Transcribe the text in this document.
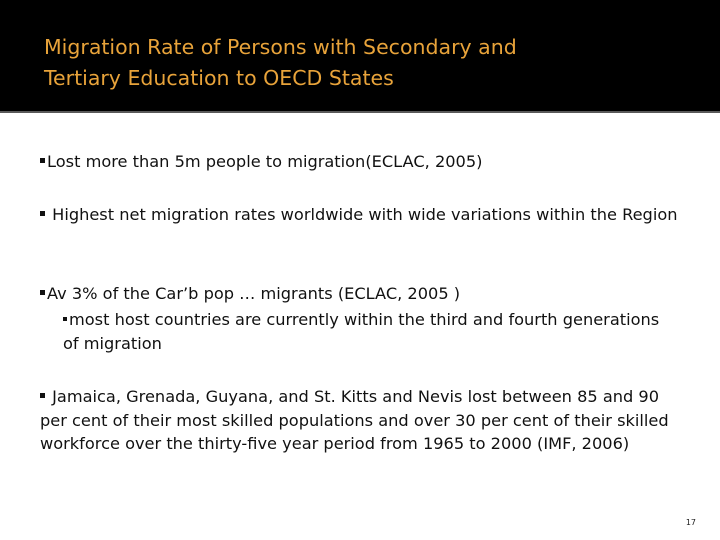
Migration Rate of Persons with Secondary and
Tertiary Education to OECD States

Lost more than 5m people to migration(ECLAC, 2005)

Highest net migration rates worldwide with wide variations within the Region

Av 3% of the Car’b pop … migrants (ECLAC, 2005 )

most host countries are currently within the third and fourth generations of migration

Jamaica, Grenada, Guyana, and St. Kitts and Nevis lost between 85 and 90 per cent of their most skilled populations and over 30 per cent of their skilled workforce over the thirty-five year period from 1965 to 2000 (IMF, 2006)

17
